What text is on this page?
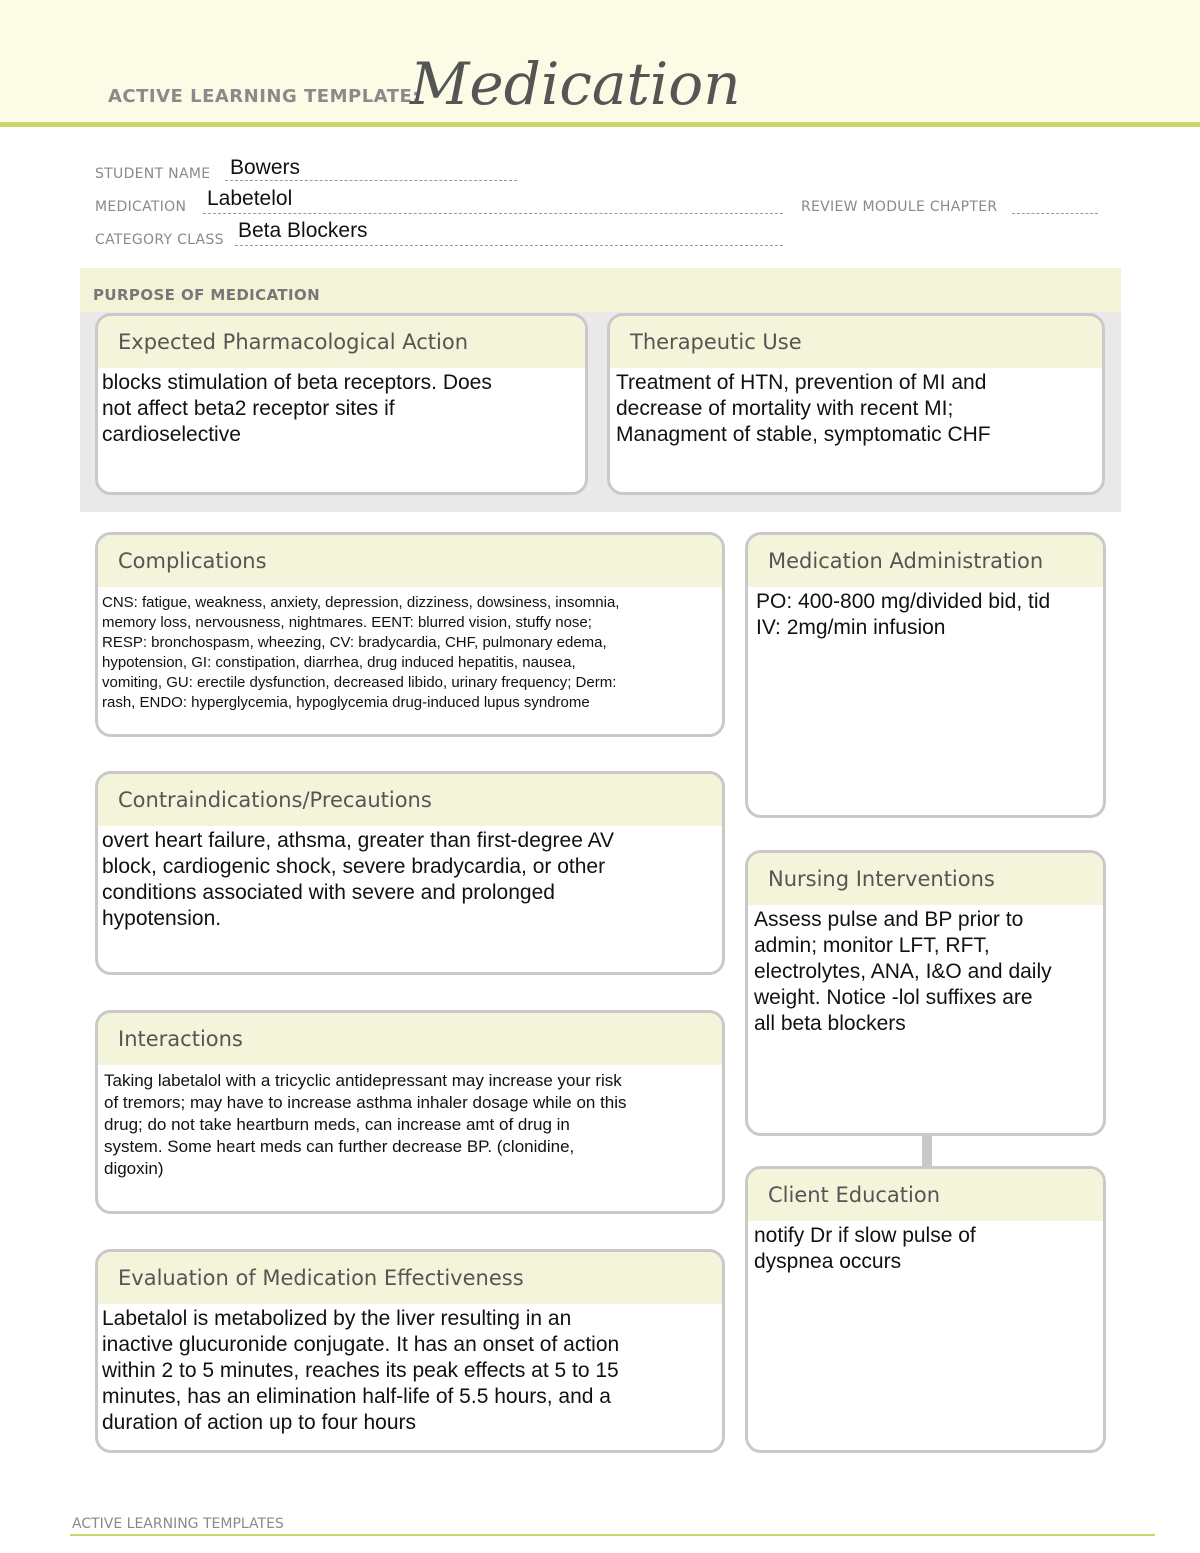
ACTIVE LEARNING TEMPLATE:
Medication
STUDENT NAME Bowers
MEDICATION Labetelol	REVIEW MODULE CHAPTER
CATEGORY CLASS Beta Blockers
PURPOSE OF MEDICATION
Expected Pharmacological Action
blocks stimulation of beta receptors. Does
not affect beta2 receptor sites if
cardioselective
Therapeutic Use
Treatment of HTN, prevention of MI and
decrease of mortality with recent MI;
Managment of stable, symptomatic CHF
Complications
CNS: fatigue, weakness, anxiety, depression, dizziness, dowsiness, insomnia,
memory loss, nervousness, nightmares. EENT: blurred vision, stuffy nose;
RESP: bronchospasm, wheezing, CV: bradycardia, CHF, pulmonary edema,
hypotension, GI: constipation, diarrhea, drug induced hepatitis, nausea,
vomiting, GU: erectile dysfunction, decreased libido, urinary frequency; Derm:
rash, ENDO: hyperglycemia, hypoglycemia drug-induced lupus syndrome
Contraindications/Precautions
overt heart failure, athsma, greater than first-degree AV
block, cardiogenic shock, severe bradycardia, or other
conditions associated with severe and prolonged
hypotension.
Interactions
Taking labetalol with a tricyclic antidepressant may increase your risk
of tremors; may have to increase asthma inhaler dosage while on this
drug; do not take heartburn meds, can increase amt of drug in
system. Some heart meds can further decrease BP. (clonidine,
digoxin)
Evaluation of Medication Effectiveness
Labetalol is metabolized by the liver resulting in an
inactive glucuronide conjugate. It has an onset of action
within 2 to 5 minutes, reaches its peak effects at 5 to 15
minutes, has an elimination half-life of 5.5 hours, and a
duration of action up to four hours
Medication Administration
PO: 400-800 mg/divided bid, tid
IV: 2mg/min infusion
Nursing Interventions
Assess pulse and BP prior to
admin; monitor LFT, RFT,
electrolytes, ANA, I&O and daily
weight. Notice -lol suffixes are
all beta blockers
Client Education
notify Dr if slow pulse of
dyspnea occurs
ACTIVE LEARNING TEMPLATES
